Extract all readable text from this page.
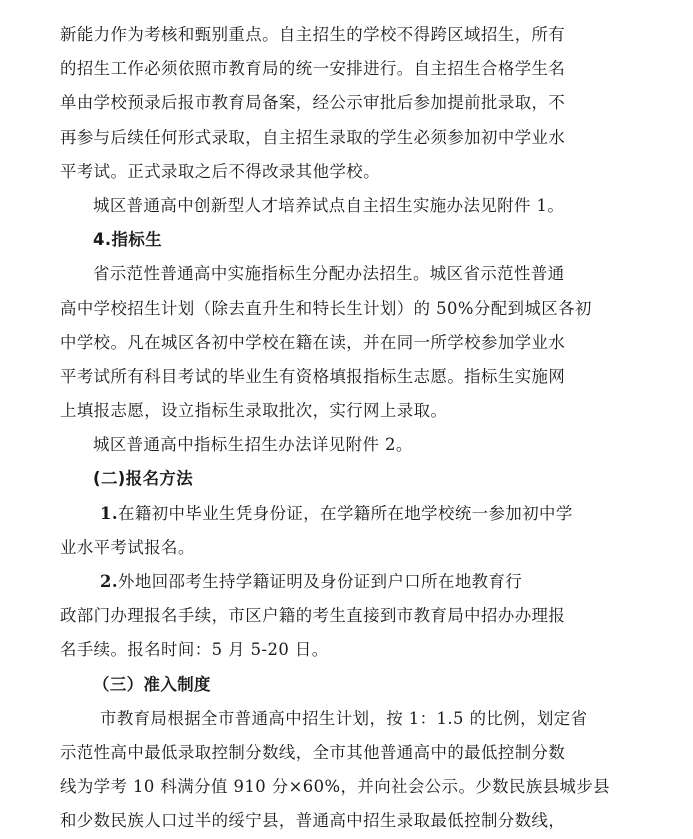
新能力作为考核和甄别重点。自主招生的学校不得跨区域招生，所有
的招生工作必须依照市教育局的统一安排进行。自主招生合格学生名
单由学校预录后报市教育局备案，经公示审批后参加提前批录取，不
再参与后续任何形式录取，自主招生录取的学生必须参加初中学业水
平考试。正式录取之后不得改录其他学校。
城区普通高中创新型人才培养试点自主招生实施办法见附件 1。
4.指标生
省示范性普通高中实施指标生分配办法招生。城区省示范性普通
高中学校招生计划（除去直升生和特长生计划）的 50%分配到城区各初
中学校。凡在城区各初中学校在籍在读，并在同一所学校参加学业水
平考试所有科目考试的毕业生有资格填报指标生志愿。指标生实施网
上填报志愿，设立指标生录取批次，实行网上录取。
城区普通高中指标生招生办法详见附件 2。
(二)报名方法
1.在籍初中毕业生凭身份证，在学籍所在地学校统一参加初中学
业水平考试报名。
2.外地回邵考生持学籍证明及身份证到户口所在地教育行
政部门办理报名手续，市区户籍的考生直接到市教育局中招办办理报
名手续。报名时间：5 月 5-20 日。
（三）准入制度
市教育局根据全市普通高中招生计划，按 1：1.5 的比例，划定省
示范性高中最低录取控制分数线，全市其他普通高中的最低控制分数
线为学考 10 科满分值 910 分×60%，并向社会公示。少数民族县城步县
和少数民族人口过半的绥宁县，普通高中招生录取最低控制分数线，
